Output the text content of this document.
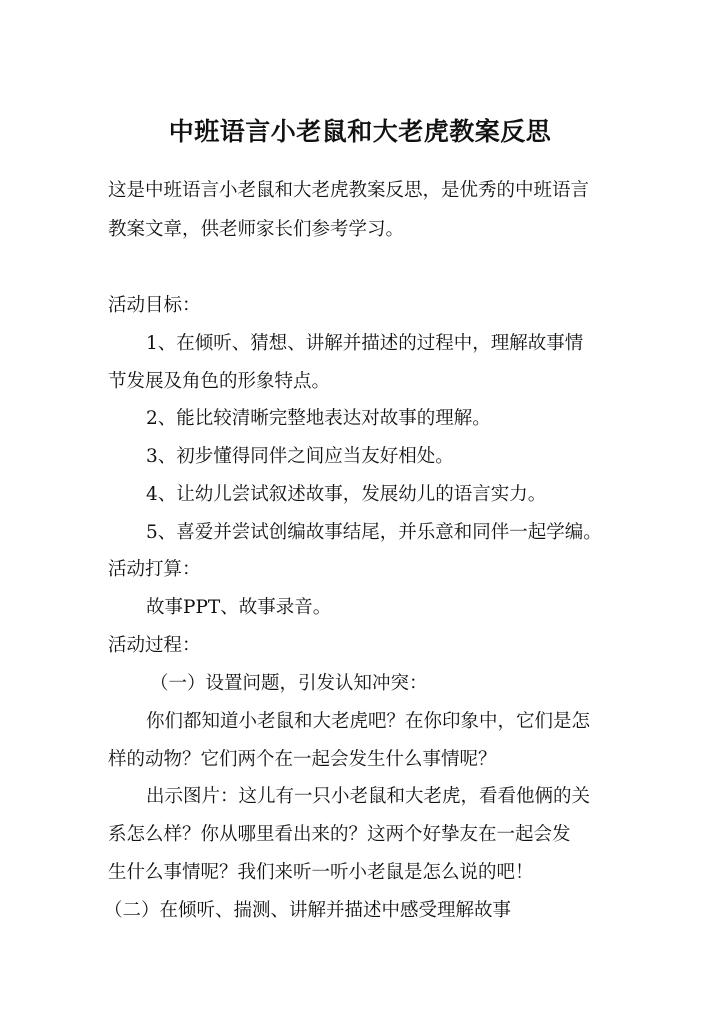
中班语言小老鼠和大老虎教案反思
这是中班语言小老鼠和大老虎教案反思，是优秀的中班语言
教案文章，供老师家长们参考学习。
活动目标：
1、在倾听、猜想、讲解并描述的过程中，理解故事情
节发展及角色的形象特点。
2、能比较清晰完整地表达对故事的理解。
3、初步懂得同伴之间应当友好相处。
4、让幼儿尝试叙述故事，发展幼儿的语言实力。
5、喜爱并尝试创编故事结尾，并乐意和同伴一起学编。
活动打算：
故事PPT、故事录音。
活动过程：
（一）设置问题，引发认知冲突：
你们都知道小老鼠和大老虎吧？在你印象中，它们是怎
样的动物？它们两个在一起会发生什么事情呢？
出示图片：这儿有一只小老鼠和大老虎，看看他俩的关
系怎么样？你从哪里看出来的？这两个好挚友在一起会发
生什么事情呢？我们来听一听小老鼠是怎么说的吧！
（二）在倾听、揣测、讲解并描述中感受理解故事
